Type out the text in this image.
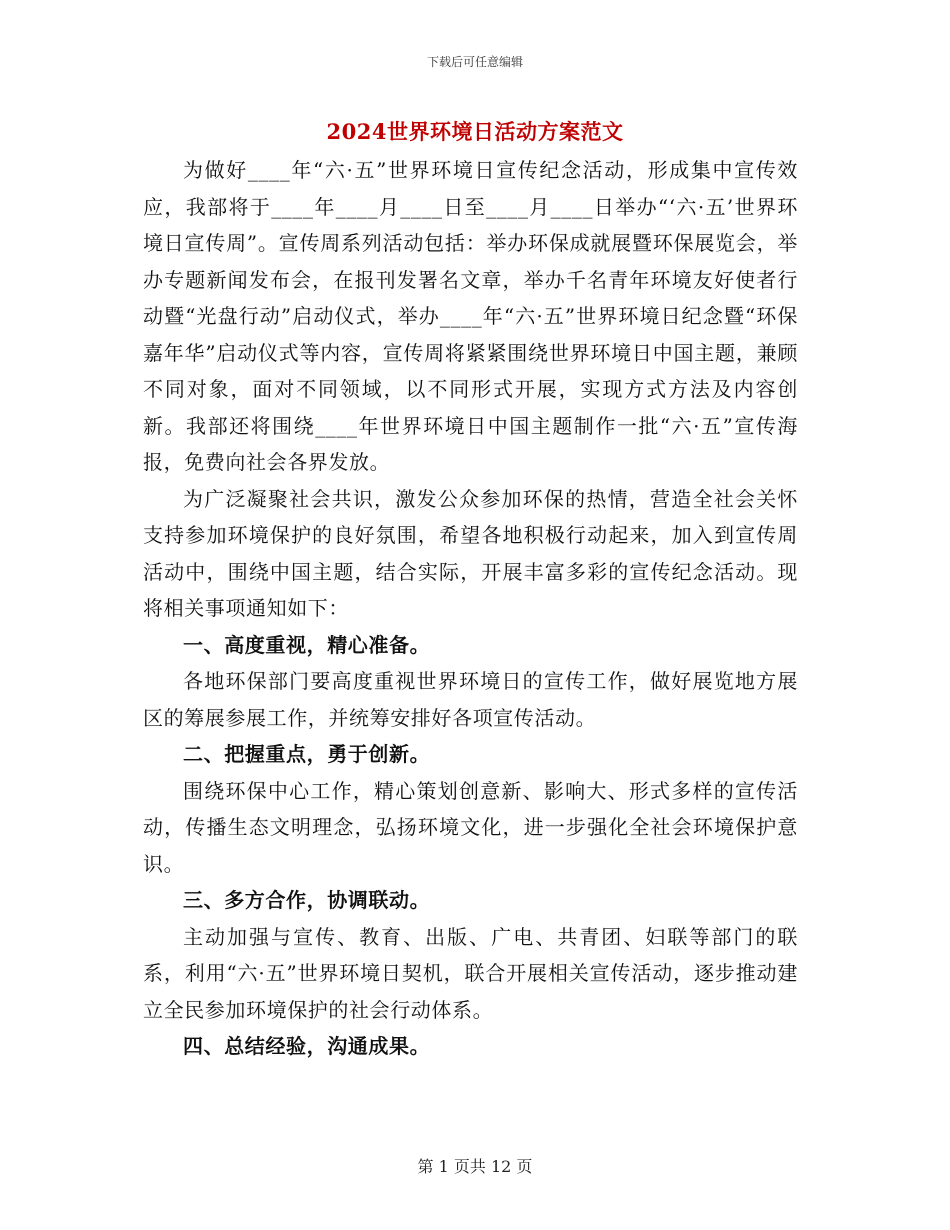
下载后可任意编辑
2024世界环境日活动方案范文

为做好____年“六·五”世界环境日宣传纪念活动，形成集中宣传效应，我部将于____年____月____日至____月____日举办“‘六·五’世界环境日宣传周”。宣传周系列活动包括：举办环保成就展暨环保展览会，举办专题新闻发布会，在报刊发署名文章，举办千名青年环境友好使者行动暨“光盘行动”启动仪式，举办____年“六·五”世界环境日纪念暨“环保嘉年华”启动仪式等内容，宣传周将紧紧围绕世界环境日中国主题，兼顾不同对象，面对不同领域，以不同形式开展，实现方式方法及内容创新。我部还将围绕____年世界环境日中国主题制作一批“六·五”宣传海报，免费向社会各界发放。

为广泛凝聚社会共识，激发公众参加环保的热情，营造全社会关怀支持参加环境保护的良好氛围，希望各地积极行动起来，加入到宣传周活动中，围绕中国主题，结合实际，开展丰富多彩的宣传纪念活动。现将相关事项通知如下：

一、高度重视，精心准备。

各地环保部门要高度重视世界环境日的宣传工作，做好展览地方展区的筹展参展工作，并统筹安排好各项宣传活动。

二、把握重点，勇于创新。

围绕环保中心工作，精心策划创意新、影响大、形式多样的宣传活动，传播生态文明理念，弘扬环境文化，进一步强化全社会环境保护意识。

三、多方合作，协调联动。

主动加强与宣传、教育、出版、广电、共青团、妇联等部门的联系，利用“六·五”世界环境日契机，联合开展相关宣传活动，逐步推动建立全民参加环境保护的社会行动体系。

四、总结经验，沟通成果。

第 1 页共 12 页
